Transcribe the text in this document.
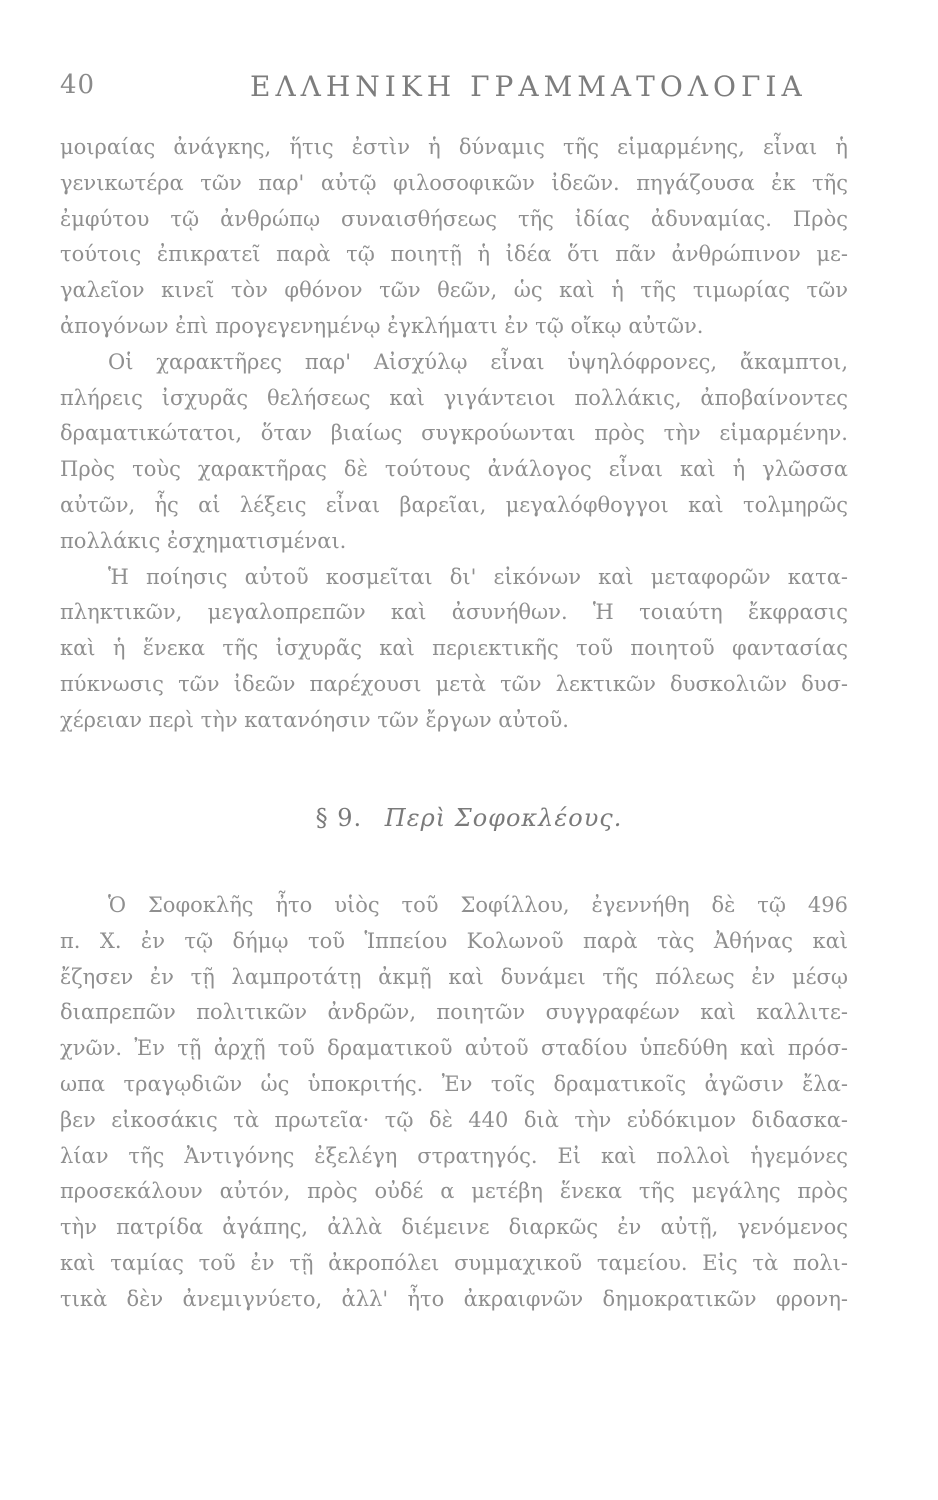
40	ΕΛΛΗΝΙΚΗ ΓΡΑΜΜΑΤΟΛΟΓΙΑ
μοιραίας ἀνάγκης, ἥτις ἐστὶν ἡ δύναμις τῆς εἱμαρμένης, εἶναι ἡ
γενικωτέρα τῶν παρ' αὐτῷ φιλοσοφικῶν ἰδεῶν. πηγάζουσα ἐκ τῆς
ἐμφύτου τῷ ἀνθρώπῳ συναισθήσεως τῆς ἰδίας ἀδυναμίας. Πρὸς
τούτοις ἐπικρατεῖ παρὰ τῷ ποιητῇ ἡ ἰδέα ὅτι πᾶν ἀνθρώπινον με-
γαλεῖον κινεῖ τὸν φθόνον τῶν θεῶν, ὡς καὶ ἡ τῆς τιμωρίας τῶν
ἀπογόνων ἐπὶ προγεγενημένῳ ἐγκλήματι ἐν τῷ οἴκῳ αὐτῶν.
Οἱ χαρακτῆρες παρ' Αἰσχύλῳ εἶναι ὑψηλόφρονες, ἄκαμπτοι,
πλήρεις ἰσχυρᾶς θελήσεως καὶ γιγάντειοι πολλάκις, ἀποβαίνοντες
δραματικώτατοι, ὅταν βιαίως συγκρούωνται πρὸς τὴν εἱμαρμένην.
Πρὸς τοὺς χαρακτῆρας δὲ τούτους ἀνάλογος εἶναι καὶ ἡ γλῶσσα
αὐτῶν, ἧς αἱ λέξεις εἶναι βαρεῖαι, μεγαλόφθογγοι καὶ τολμηρῶς
πολλάκις ἐσχηματισμέναι.
Ἡ ποίησις αὐτοῦ κοσμεῖται δι' εἰκόνων καὶ μεταφορῶν κατα-
πληκτικῶν, μεγαλοπρεπῶν καὶ ἀσυνήθων. Ἡ τοιαύτη ἔκφρασις
καὶ ἡ ἕνεκα τῆς ἰσχυρᾶς καὶ περιεκτικῆς τοῦ ποιητοῦ φαντασίας
πύκνωσις τῶν ἰδεῶν παρέχουσι μετὰ τῶν λεκτικῶν δυσκολιῶν δυσ-
χέρειαν περὶ τὴν κατανόησιν τῶν ἔργων αὐτοῦ.
§ 9. Περὶ Σοφοκλέους.
Ὁ Σοφοκλῆς ἦτο υἱὸς τοῦ Σοφίλλου, ἐγεννήθη δὲ τῷ 496
π. Χ. ἐν τῷ δήμῳ τοῦ Ἱππείου Κολωνοῦ παρὰ τὰς Ἀθήνας καὶ
ἔζησεν ἐν τῇ λαμπροτάτῃ ἀκμῇ καὶ δυνάμει τῆς πόλεως ἐν μέσῳ
διαπρεπῶν πολιτικῶν ἀνδρῶν, ποιητῶν συγγραφέων καὶ καλλιτε-
χνῶν. Ἐν τῇ ἀρχῇ τοῦ δραματικοῦ αὐτοῦ σταδίου ὑπεδύθη καὶ πρόσ-
ωπα τραγῳδιῶν ὡς ὑποκριτής. Ἐν τοῖς δραματικοῖς ἀγῶσιν ἔλα-
βεν εἰκοσάκις τὰ πρωτεῖα· τῷ δὲ 440 διὰ τὴν εὐδόκιμον διδασκα-
λίαν τῆς Ἀντιγόνης ἐξελέγη στρατηγός. Εἰ καὶ πολλοὶ ἡγεμόνες
προσεκάλουν αὐτόν, πρὸς οὐδέ α μετέβη ἕνεκα τῆς μεγάλης πρὸς
τὴν πατρίδα ἀγάπης, ἀλλὰ διέμεινε διαρκῶς ἐν αὐτῇ, γενόμενος
καὶ ταμίας τοῦ ἐν τῇ ἀκροπόλει συμμαχικοῦ ταμείου. Εἰς τὰ πολι-
τικὰ δὲν ἀνεμιγνύετο, ἀλλ' ἦτο ἀκραιφνῶν δημοκρατικῶν φρονη-
